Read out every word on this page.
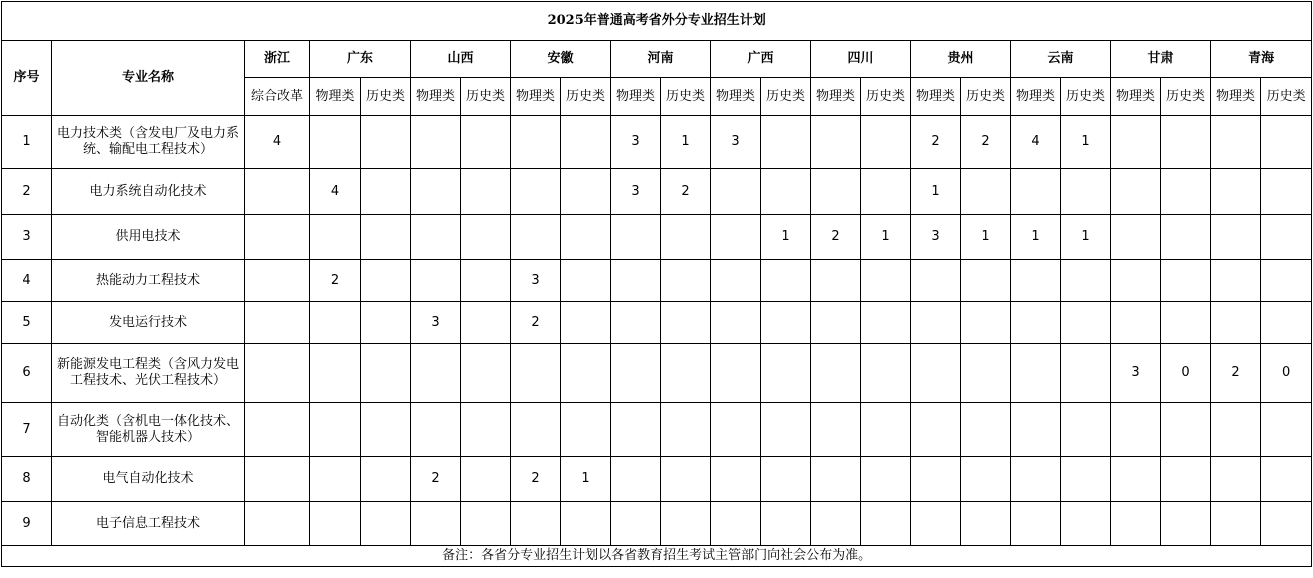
2025年普通高考省外分专业招生计划																						
序号	专业名称	浙江	广东		山西		安徽		河南		广西		四川		贵州		云南		甘肃		青海	
		综合改革	物理类	历史类	物理类	历史类	物理类	历史类	物理类	历史类	物理类	历史类	物理类	历史类	物理类	历史类	物理类	历史类	物理类	历史类	物理类	历史类
1	电力技术类（含发电厂及电力系统、输配电工程技术）	4							3	1	3				2	2	4	1				
2	电力系统自动化技术		4						3	2					1							
3	供用电技术											1	2	1	3	1	1	1				
4	热能动力工程技术		2				3															
5	发电运行技术				3		2															
6	新能源发电工程类（含风力发电工程技术、光伏工程技术）																		3	0	2	0
7	自动化类（含机电一体化技术、智能机器人技术）																					
8	电气自动化技术				2		2	1														
9	电子信息工程技术																					
备注：各省分专业招生计划以各省教育招生考试主管部门向社会公布为准。																						
